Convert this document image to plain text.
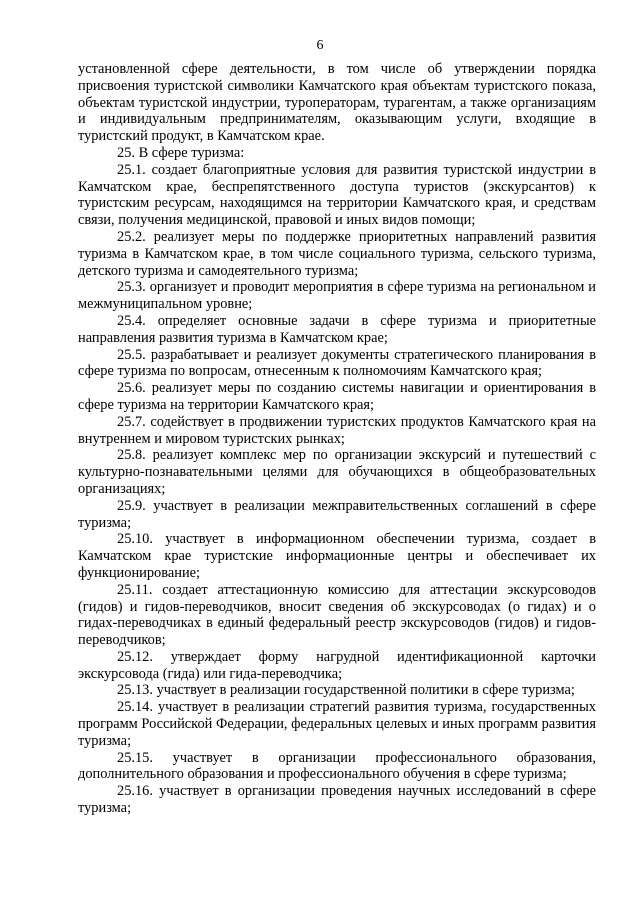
6

установленной сфере деятельности, в том числе об утверждении порядка присвоения туристской символики Камчатского края объектам туристского показа, объектам туристской индустрии, туроператорам, турагентам, а также организациям и индивидуальным предпринимателям, оказывающим услуги, входящие в туристский продукт, в Камчатском крае.

25. В сфере туризма:

25.1. создает благоприятные условия для развития туристской индустрии в Камчатском крае, беспрепятственного доступа туристов (экскурсантов) к туристским ресурсам, находящимся на территории Камчатского края, и средствам связи, получения медицинской, правовой и иных видов помощи;

25.2. реализует меры по поддержке приоритетных направлений развития туризма в Камчатском крае, в том числе социального туризма, сельского туризма, детского туризма и самодеятельного туризма;

25.3. организует и проводит мероприятия в сфере туризма на региональном и межмуниципальном уровне;

25.4. определяет основные задачи в сфере туризма и приоритетные направления развития туризма в Камчатском крае;

25.5. разрабатывает и реализует документы стратегического планирования в сфере туризма по вопросам, отнесенным к полномочиям Камчатского края;

25.6. реализует меры по созданию системы навигации и ориентирования в сфере туризма на территории Камчатского края;

25.7. содействует в продвижении туристских продуктов Камчатского края на внутреннем и мировом туристских рынках;

25.8. реализует комплекс мер по организации экскурсий и путешествий с культурно-познавательными целями для обучающихся в общеобразовательных организациях;

25.9. участвует в реализации межправительственных соглашений в сфере туризма;

25.10. участвует в информационном обеспечении туризма, создает в Камчатском крае туристские информационные центры и обеспечивает их функционирование;

25.11. создает аттестационную комиссию для аттестации экскурсоводов (гидов) и гидов-переводчиков, вносит сведения об экскурсоводах (о гидах) и о гидах-переводчиках в единый федеральный реестр экскурсоводов (гидов) и гидов-переводчиков;

25.12. утверждает форму нагрудной идентификационной карточки экскурсовода (гида) или гида-переводчика;

25.13. участвует в реализации государственной политики в сфере туризма;

25.14. участвует в реализации стратегий развития туризма, государственных программ Российской Федерации, федеральных целевых и иных программ развития туризма;

25.15. участвует в организации профессионального образования, дополнительного образования и профессионального обучения в сфере туризма;

25.16. участвует в организации проведения научных исследований в сфере туризма;
